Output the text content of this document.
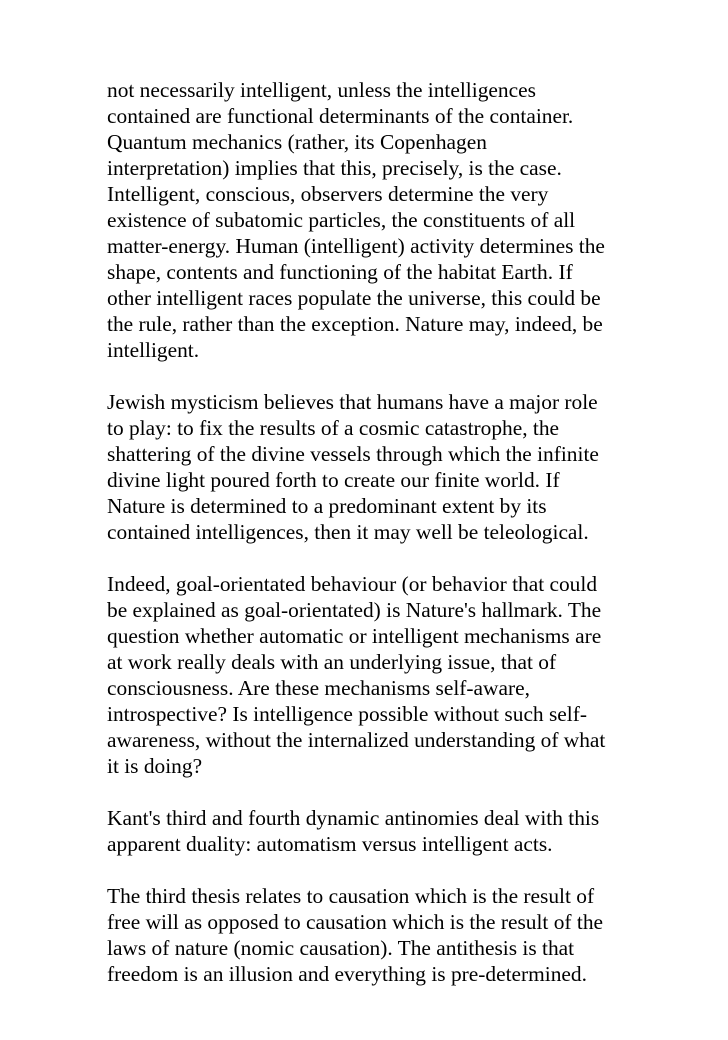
not necessarily intelligent, unless the intelligences
contained are functional determinants of the container.
Quantum mechanics (rather, its Copenhagen
interpretation) implies that this, precisely, is the case.
Intelligent, conscious, observers determine the very
existence of subatomic particles, the constituents of all
matter-energy. Human (intelligent) activity determines the
shape, contents and functioning of the habitat Earth. If
other intelligent races populate the universe, this could be
the rule, rather than the exception. Nature may, indeed, be
intelligent.
Jewish mysticism believes that humans have a major role
to play: to fix the results of a cosmic catastrophe, the
shattering of the divine vessels through which the infinite
divine light poured forth to create our finite world. If
Nature is determined to a predominant extent by its
contained intelligences, then it may well be teleological.
Indeed, goal-orientated behaviour (or behavior that could
be explained as goal-orientated) is Nature's hallmark. The
question whether automatic or intelligent mechanisms are
at work really deals with an underlying issue, that of
consciousness. Are these mechanisms self-aware,
introspective? Is intelligence possible without such self-
awareness, without the internalized understanding of what
it is doing?
Kant's third and fourth dynamic antinomies deal with this
apparent duality: automatism versus intelligent acts.
The third thesis relates to causation which is the result of
free will as opposed to causation which is the result of the
laws of nature (nomic causation). The antithesis is that
freedom is an illusion and everything is pre-determined.
